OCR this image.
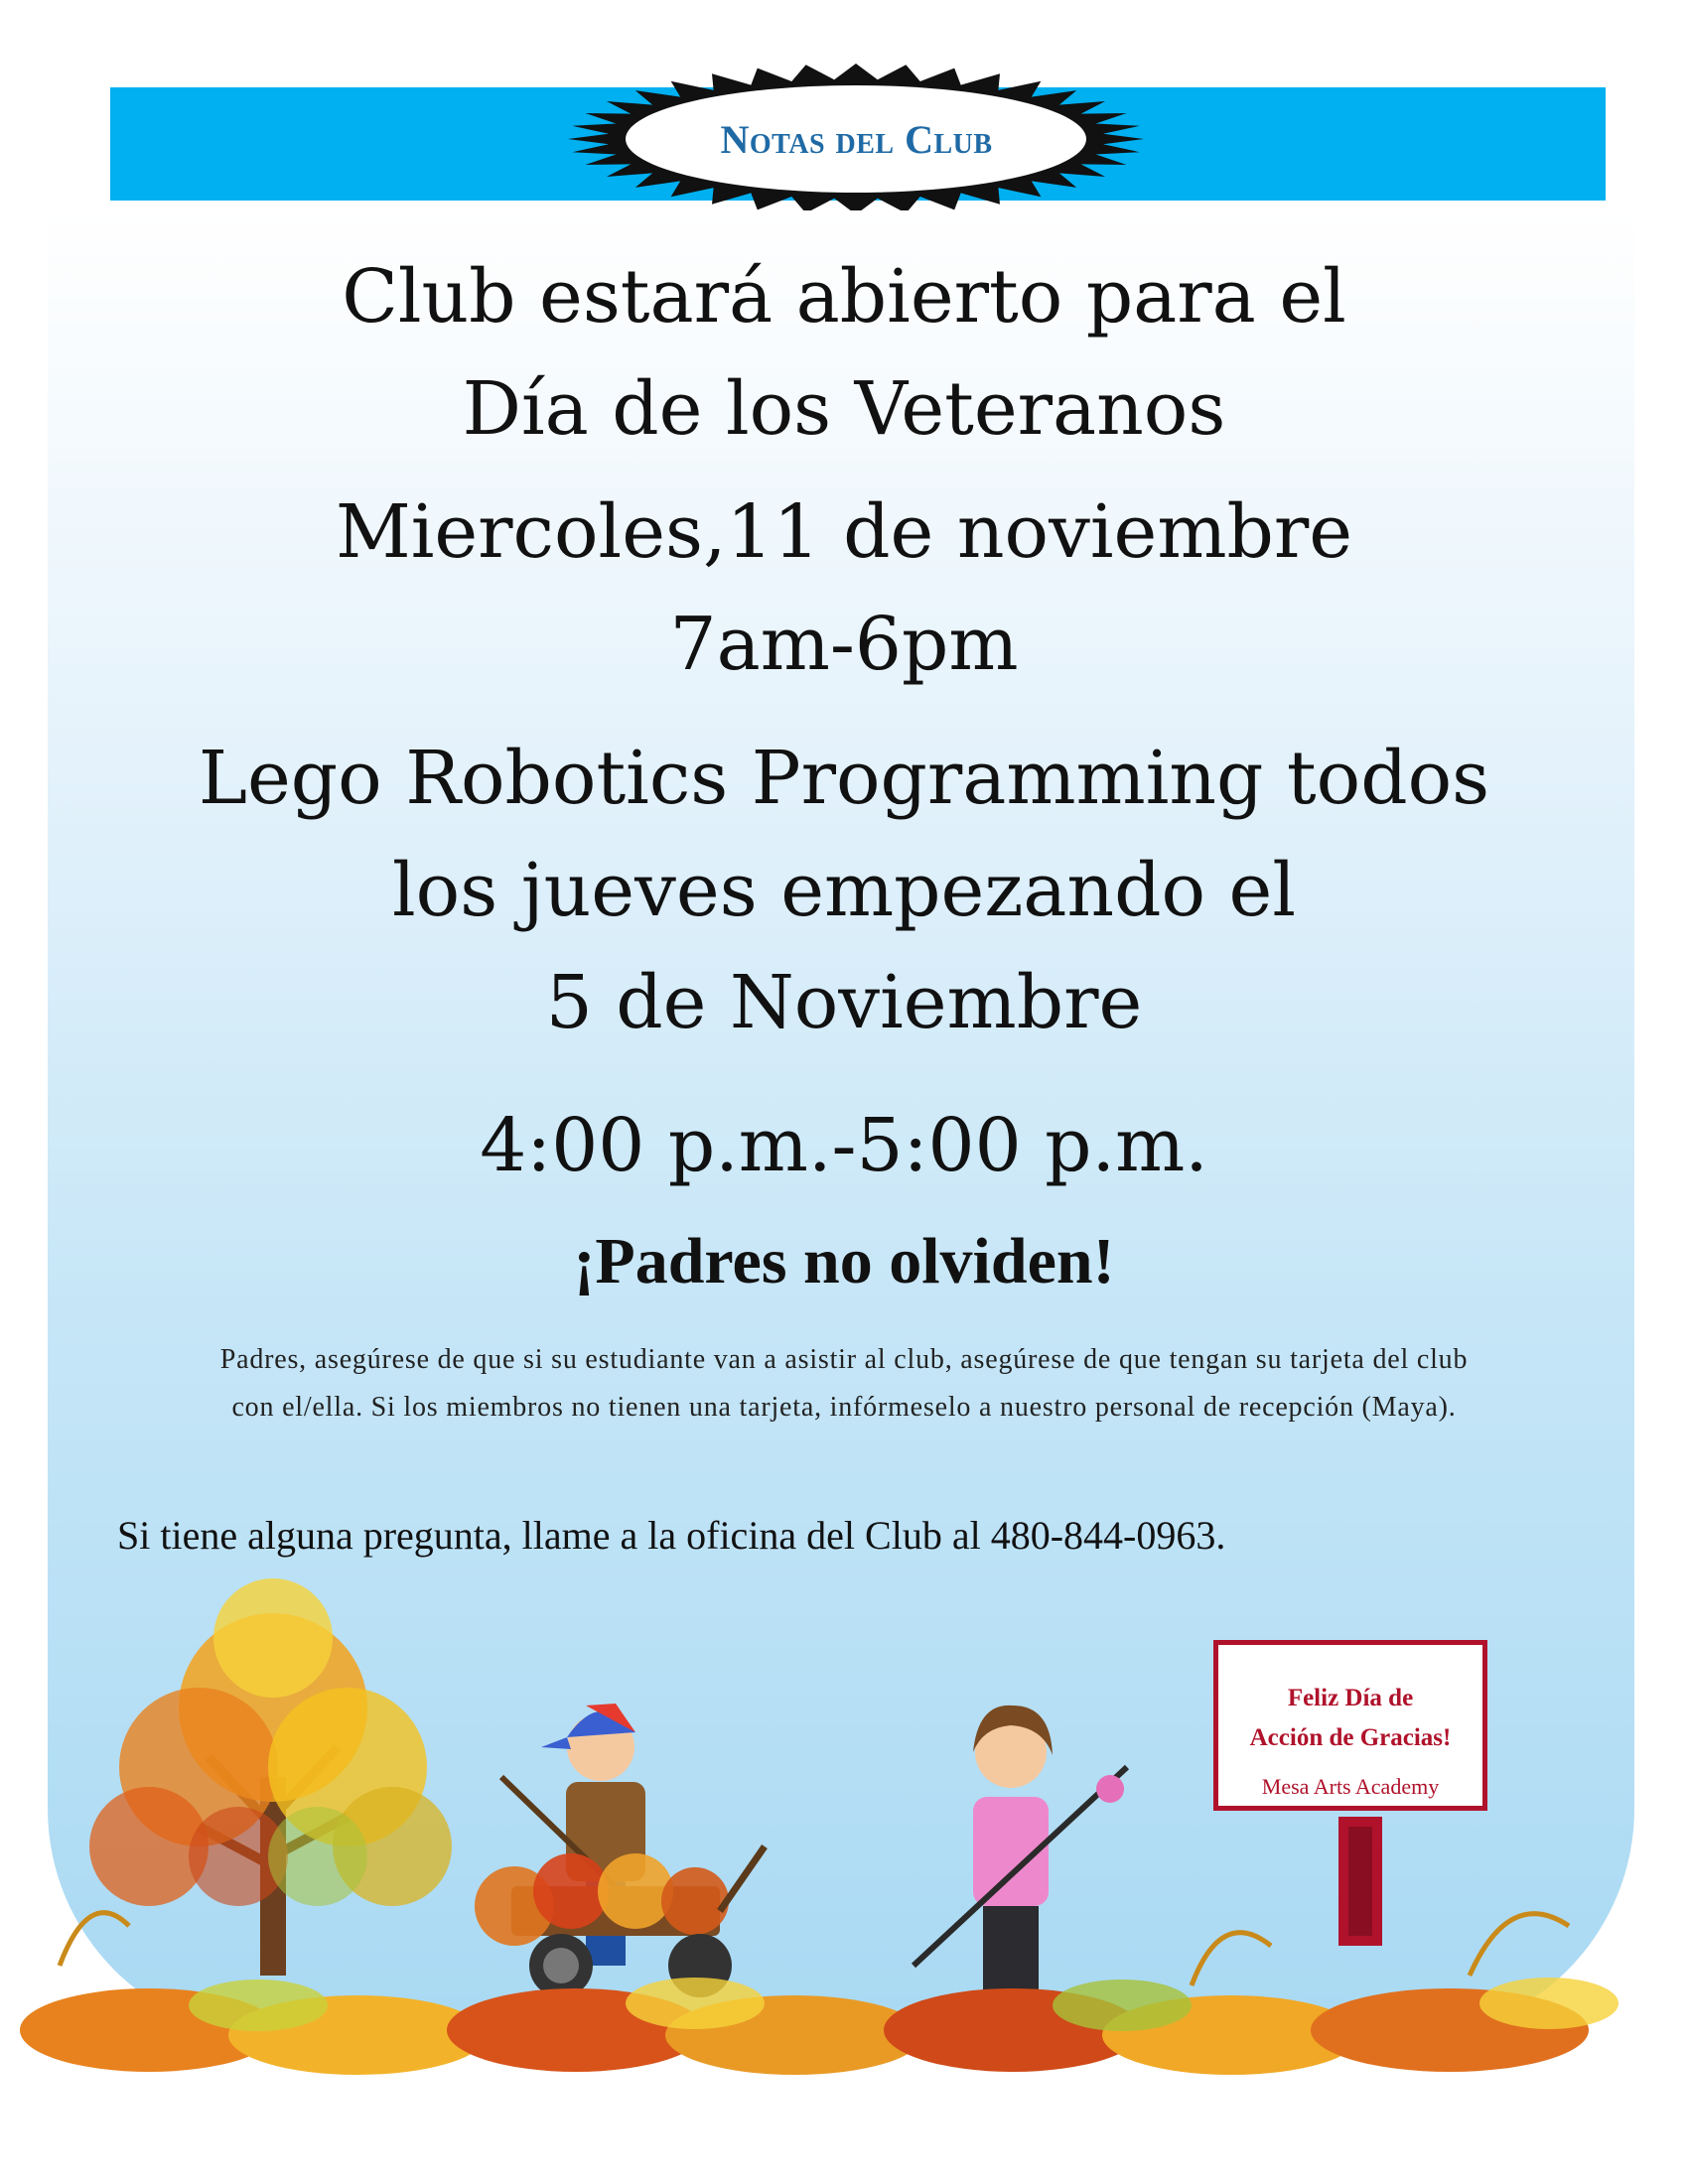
Notas del Club
Club estará abierto para el
Día de los Veteranos
Miercoles,11 de noviembre
7am-6pm
Lego Robotics Programming todos
los jueves empezando el
5 de Noviembre
4:00 p.m.-5:00 p.m.
¡Padres no olviden!
Padres, asegúrese de que si su estudiante van a asistir al club, asegúrese de que tengan su tarjeta del club
con el/ella. Si los miembros no tienen una tarjeta, infórmeselo a nuestro personal de recepción (Maya).
Si tiene alguna pregunta, llame a la oficina del Club al 480-844-0963.
Feliz Día de
Acción de Gracias!
Mesa Arts Academy
